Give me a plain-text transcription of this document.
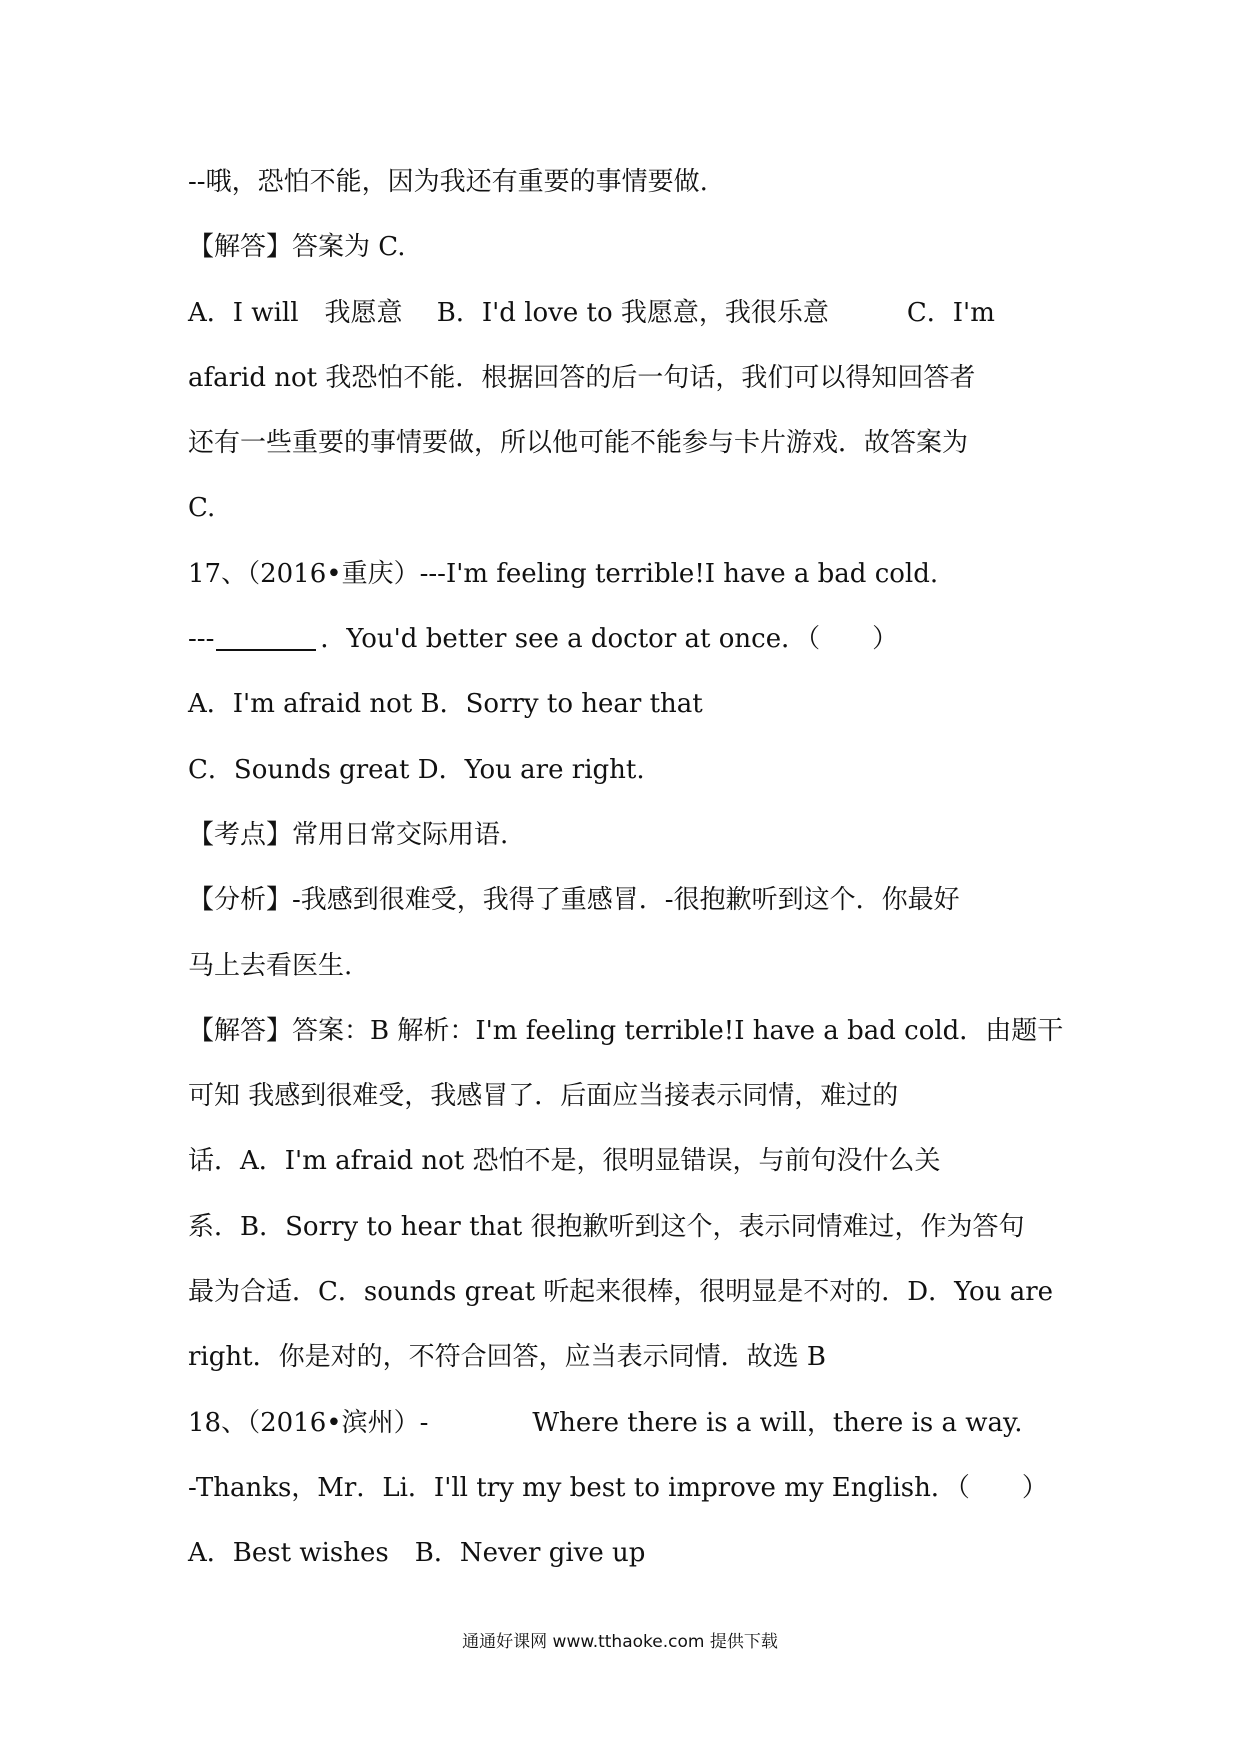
--哦，恐怕不能，因为我还有重要的事情要做.
【解答】答案为 C.
A．I will　我愿意　 B．I'd love to 我愿意，我很乐意　　　C．I'm
afarid not 我恐怕不能．根据回答的后一句话，我们可以得知回答者
还有一些重要的事情要做，所以他可能不能参与卡片游戏．故答案为
C.
17、（2016•重庆）---I'm feeling terrible!I have a bad cold.
---	．You'd better see a doctor at once．（　　）
A．I'm afraid not B．Sorry to hear that
C．Sounds great D．You are right.
【考点】常用日常交际用语.
【分析】-我感到很难受，我得了重感冒．-很抱歉听到这个．你最好
马上去看医生.
【解答】答案：B 解析：I'm feeling terrible!I have a bad cold．由题干
可知 我感到很难受，我感冒了．后面应当接表示同情，难过的
话．A．I'm afraid not 恐怕不是，很明显错误，与前句没什么关
系．B．Sorry to hear that 很抱歉听到这个，表示同情难过，作为答句
最为合适．C．sounds great 听起来很棒，很明显是不对的．D．You are
right．你是对的，不符合回答，应当表示同情．故选 B
18、（2016•滨州）-　　　　Where there is a will，there is a way.
-Thanks，Mr．Li．I'll try my best to improve my English．（　　）
A．Best wishes　B．Never give up
通通好课网 www.tthaoke.com 提供下载
